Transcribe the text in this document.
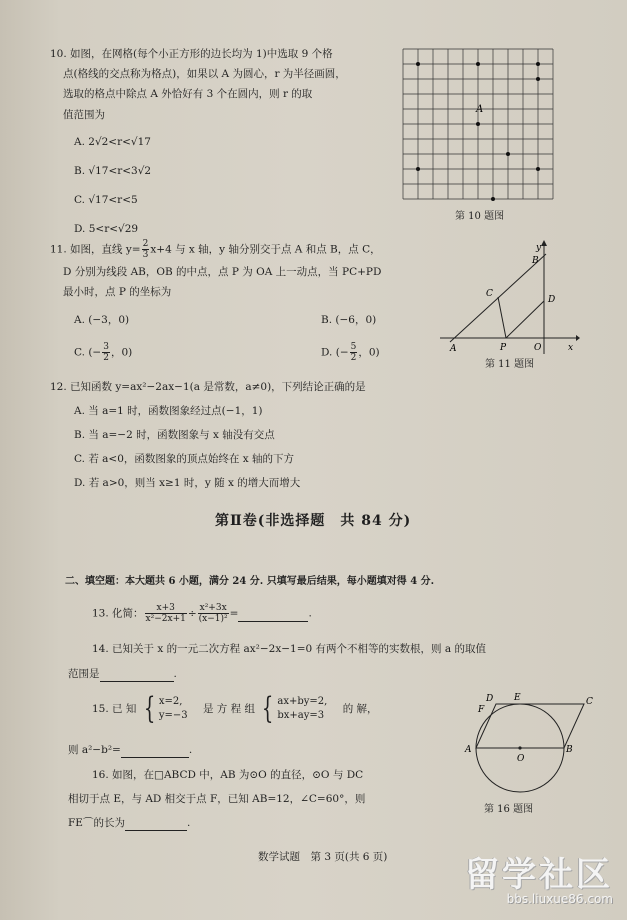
10. 如图，在网格(每个小正方形的边长均为 1)中选取 9 个格
点(格线的交点称为格点)，如果以 A 为圆心，r 为半径画圆，
选取的格点中除点 A 外恰好有 3 个在圆内，则 r 的取
值范围为
A. 2√2<r<√17
B. √17<r<3√2
C. √17<r<5
D. 5<r<√29
A
第 10 题图
11. 如图，直线 $y= \frac{2}{3} x+4$ 与 x 轴，y 轴分别交于点 A 和点 B，点 C，
D 分别为线段 AB，OB 的中点，点 P 为 OA 上一动点，当 PC+PD
最小时，点 P 的坐标为
A. (−3，0)	B. (−6，0)
C. (− $\frac{3}{2}$ ，0)	D. (− $\frac{5}{2}$ ，0)
y
B
C
D
A	P	O	x
第 11 题图
12. 已知函数 y=ax²−2ax−1(a 是常数，a≠0)，下列结论正确的是
A. 当 a=1 时，函数图象经过点(−1，1)
B. 当 a=−2 时，函数图象与 x 轴没有交点
C. 若 a<0，函数图象的顶点始终在 x 轴的下方
D. 若 a>0，则当 x≥1 时，y 随 x 的增大而增大
第Ⅱ卷(非选择题　共 84 分)
二、填空题：本大题共 6 小题，满分 24 分. 只填写最后结果，每小题填对得 4 分.
13. 化简： $\frac{x+3}{\text{x²−2x+1}} \div \frac{\text{x²+3x}}{\text{(x−1)²}}$ =	.
14. 已知关于 x 的一元二次方程 ax²−2x−1=0 有两个不相等的实数根，则 a 的取值
范围是	.
15. 已 知 { x=2,
y=−3
是 方 程 组 { ax+by=2,
bx+ay=3
的 解，
则 a²−b²=	.
16. 如图，在□ABCD 中，AB 为⊙O 的直径，⊙O 与 DC
相切于点 E，与 AD 相交于点 F，已知 AB=12，∠C=60°，则
FE⌒的长为	.
D E	C
F
A
O
B
第 16 题图
数学试题　第 3 页(共 6 页) 留学社区
bbs.liuxue86.com
